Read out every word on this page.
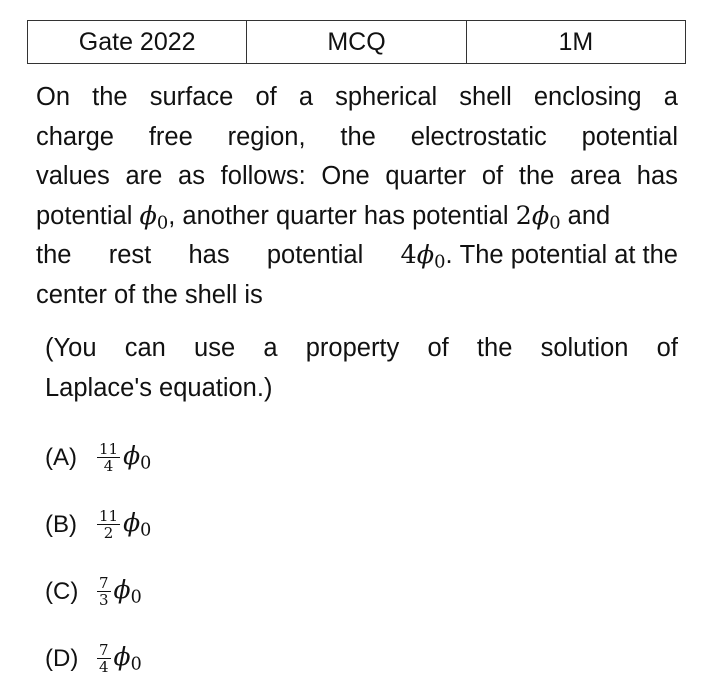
Gate 2022	MCQ	1M
On the surface of a spherical shell enclosing a
charge free region, the electrostatic potential
values are as follows: One quarter of the area has
potential $\phi_0$, another quarter has potential $2\phi_0$ and
the rest has potential $4\phi_0$. The potential at the
center of the shell is
(You can use a property of the solution of
Laplace's equation.)
(A)	$\frac{11}{4} \phi_0$
(B)	$\frac{11}{2} \phi_0$
(C)	$\frac{7}{3} \phi_0$
(D)	$\frac{7}{4} \phi_0$
